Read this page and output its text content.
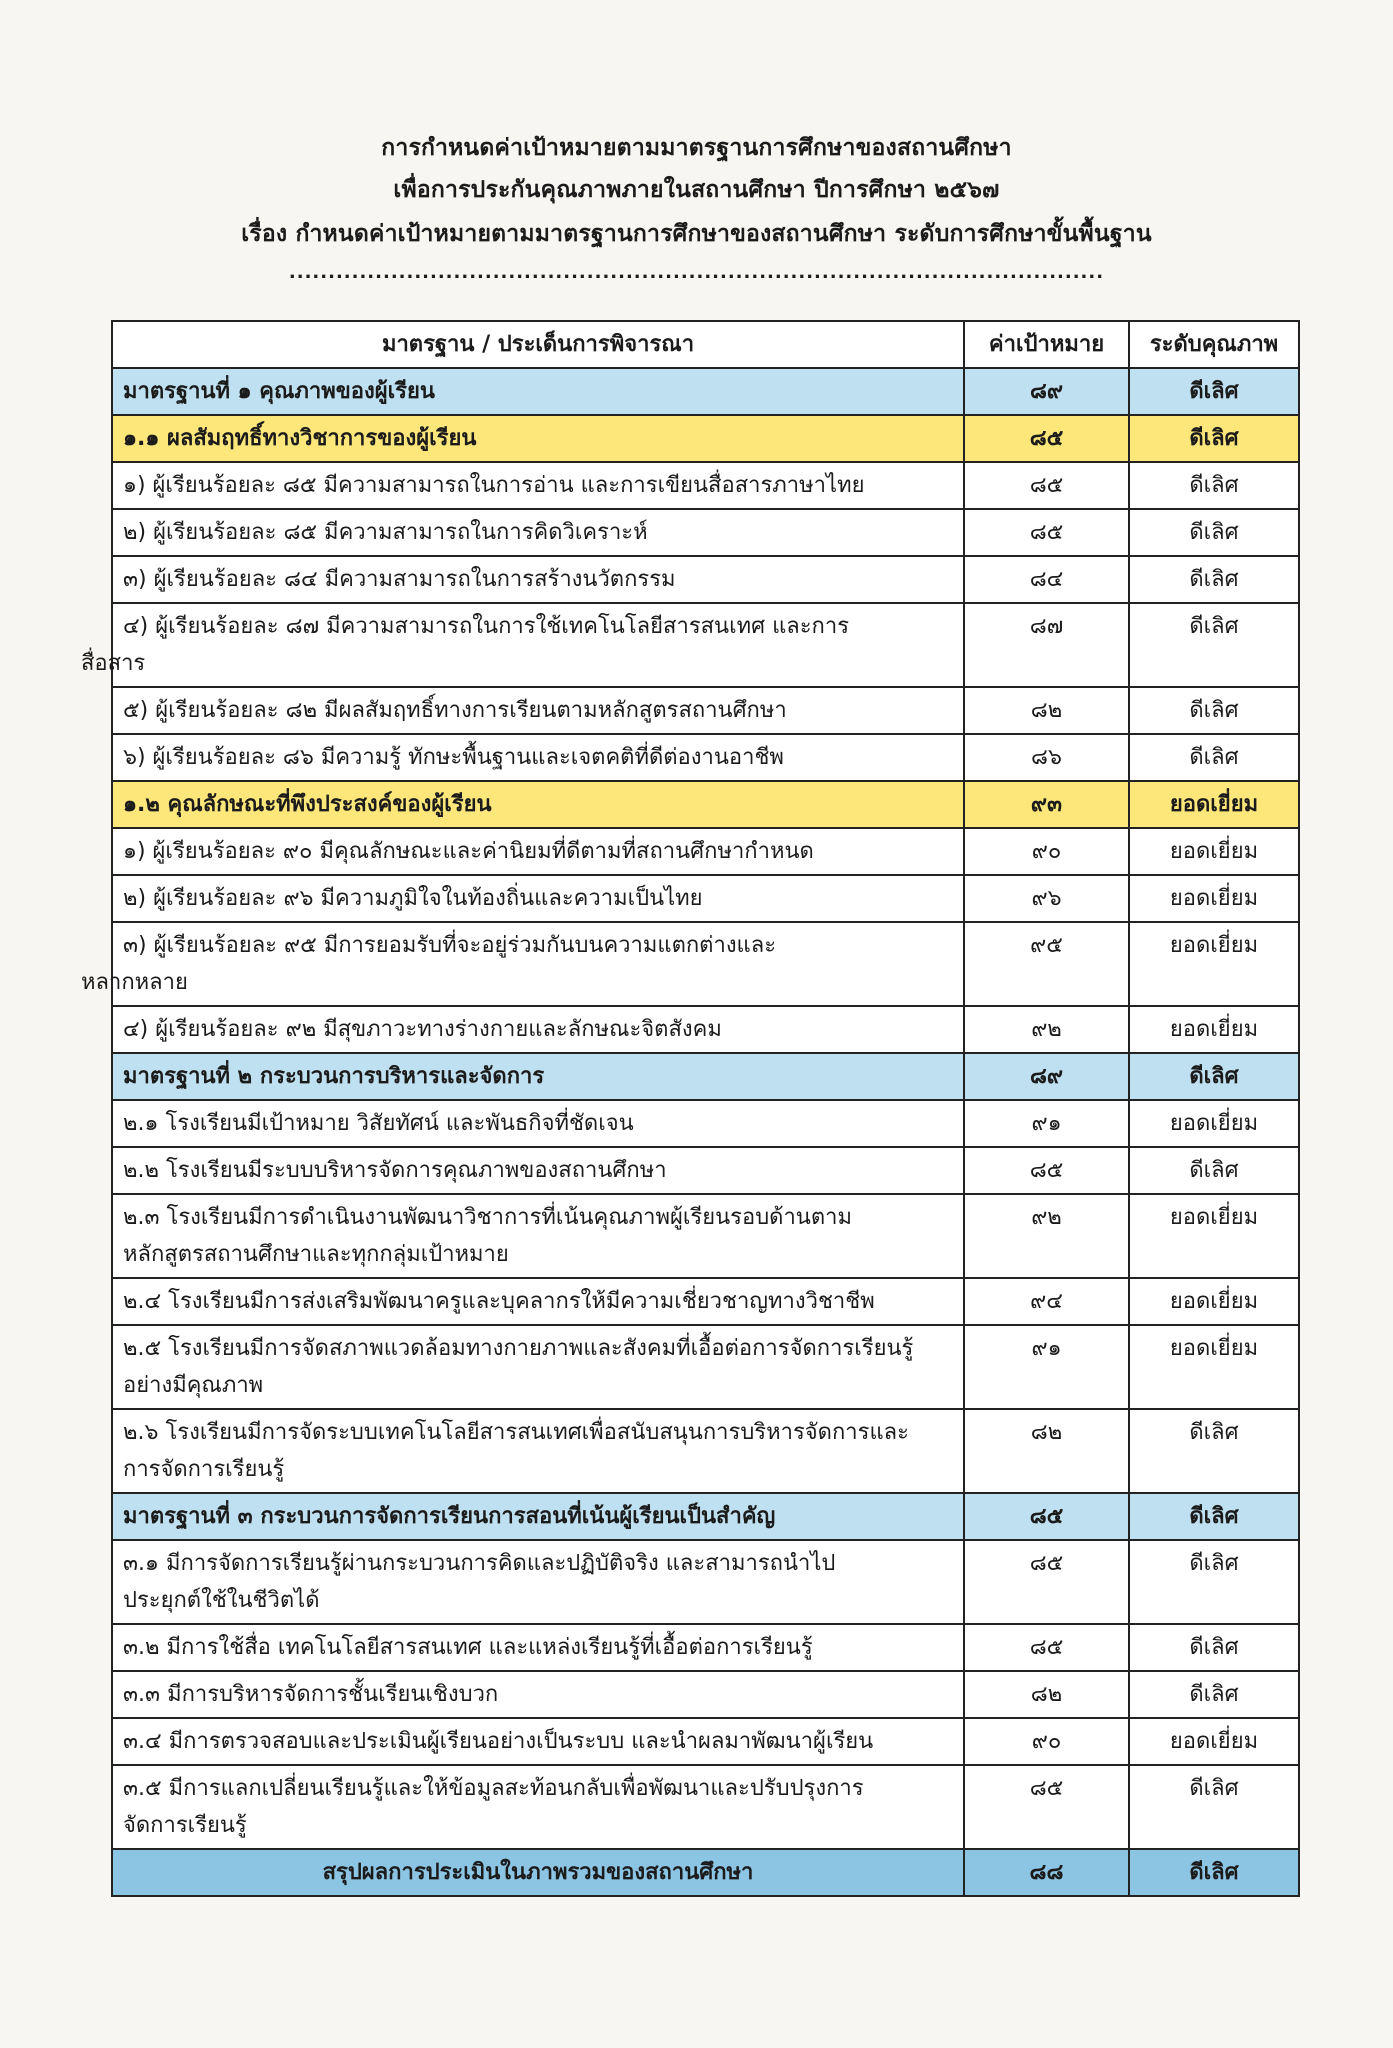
การกำหนดค่าเป้าหมายตามมาตรฐานการศึกษาของสถานศึกษา
เพื่อการประกันคุณภาพภายในสถานศึกษา ปีการศึกษา ๒๕๖๗
เรื่อง กำหนดค่าเป้าหมายตามมาตรฐานการศึกษาของสถานศึกษา ระดับการศึกษาขั้นพื้นฐาน
........................................................................................................
มาตรฐาน / ประเด็นการพิจารณา	ค่าเป้าหมาย	ระดับคุณภาพ

มาตรฐานที่ ๑ คุณภาพของผู้เรียน	๘๙	ดีเลิศ

๑.๑ ผลสัมฤทธิ์ทางวิชาการของผู้เรียน	๘๕	ดีเลิศ

๑) ผู้เรียนร้อยละ ๘๕ มีความสามารถในการอ่าน และการเขียนสื่อสารภาษาไทย	๘๕	ดีเลิศ

๒) ผู้เรียนร้อยละ ๘๕ มีความสามารถในการคิดวิเคราะห์	๘๕	ดีเลิศ

๓) ผู้เรียนร้อยละ ๘๔ มีความสามารถในการสร้างนวัตกรรม	๘๔	ดีเลิศ

๔) ผู้เรียนร้อยละ ๘๗ มีความสามารถในการใช้เทคโนโลยีสารสนเทศ และการ
สื่อสาร	๘๗	ดีเลิศ

๕) ผู้เรียนร้อยละ ๘๒ มีผลสัมฤทธิ์ทางการเรียนตามหลักสูตรสถานศึกษา	๘๒	ดีเลิศ

๖) ผู้เรียนร้อยละ ๘๖ มีความรู้ ทักษะพื้นฐานและเจตคติที่ดีต่องานอาชีพ	๘๖	ดีเลิศ

๑.๒ คุณลักษณะที่พึงประสงค์ของผู้เรียน	๙๓	ยอดเยี่ยม

๑) ผู้เรียนร้อยละ ๙๐ มีคุณลักษณะและค่านิยมที่ดีตามที่สถานศึกษากำหนด	๙๐	ยอดเยี่ยม

๒) ผู้เรียนร้อยละ ๙๖ มีความภูมิใจในท้องถิ่นและความเป็นไทย	๙๖	ยอดเยี่ยม

๓) ผู้เรียนร้อยละ ๙๕ มีการยอมรับที่จะอยู่ร่วมกันบนความแตกต่างและ
หลากหลาย	๙๕	ยอดเยี่ยม

๔) ผู้เรียนร้อยละ ๙๒ มีสุขภาวะทางร่างกายและลักษณะจิตสังคม	๙๒	ยอดเยี่ยม

มาตรฐานที่ ๒ กระบวนการบริหารและจัดการ	๘๙	ดีเลิศ

๒.๑ โรงเรียนมีเป้าหมาย วิสัยทัศน์ และพันธกิจที่ชัดเจน	๙๑	ยอดเยี่ยม

๒.๒ โรงเรียนมีระบบบริหารจัดการคุณภาพของสถานศึกษา	๘๕	ดีเลิศ

๒.๓ โรงเรียนมีการดำเนินงานพัฒนาวิชาการที่เน้นคุณภาพผู้เรียนรอบด้านตาม
หลักสูตรสถานศึกษาและทุกกลุ่มเป้าหมาย	๙๒	ยอดเยี่ยม

๒.๔ โรงเรียนมีการส่งเสริมพัฒนาครูและบุคลากรให้มีความเชี่ยวชาญทางวิชาชีพ	๙๔	ยอดเยี่ยม

๒.๕ โรงเรียนมีการจัดสภาพแวดล้อมทางกายภาพและสังคมที่เอื้อต่อการจัดการเรียนรู้
อย่างมีคุณภาพ	๙๑	ยอดเยี่ยม

๒.๖ โรงเรียนมีการจัดระบบเทคโนโลยีสารสนเทศเพื่อสนับสนุนการบริหารจัดการและ
การจัดการเรียนรู้	๘๒	ดีเลิศ

มาตรฐานที่ ๓ กระบวนการจัดการเรียนการสอนที่เน้นผู้เรียนเป็นสำคัญ	๘๕	ดีเลิศ

๓.๑ มีการจัดการเรียนรู้ผ่านกระบวนการคิดและปฏิบัติจริง และสามารถนำไป
ประยุกต์ใช้ในชีวิตได้	๘๕	ดีเลิศ

๓.๒ มีการใช้สื่อ เทคโนโลยีสารสนเทศ และแหล่งเรียนรู้ที่เอื้อต่อการเรียนรู้	๘๕	ดีเลิศ

๓.๓ มีการบริหารจัดการชั้นเรียนเชิงบวก	๘๒	ดีเลิศ

๓.๔ มีการตรวจสอบและประเมินผู้เรียนอย่างเป็นระบบ และนำผลมาพัฒนาผู้เรียน	๙๐	ยอดเยี่ยม

๓.๕ มีการแลกเปลี่ยนเรียนรู้และให้ข้อมูลสะท้อนกลับเพื่อพัฒนาและปรับปรุงการ
จัดการเรียนรู้	๘๕	ดีเลิศ

สรุปผลการประเมินในภาพรวมของสถานศึกษา	๘๘	ดีเลิศ
